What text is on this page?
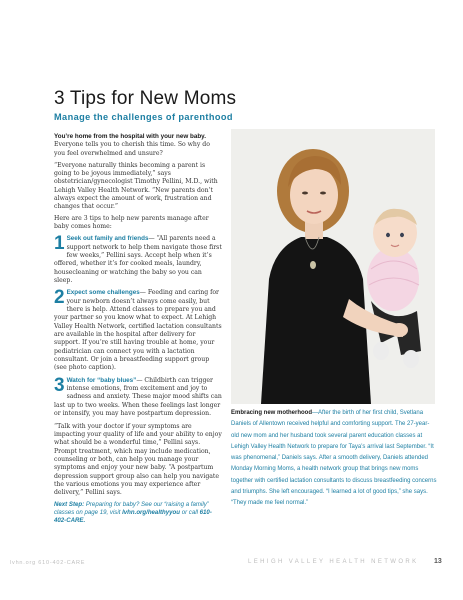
3 Tips for New Moms
Manage the challenges of parenthood

You’re home from the hospital with your new baby. Everyone tells you to cherish this time. So why do you feel overwhelmed and unsure?

“Everyone naturally thinks becoming a parent is going to be joyous immediately,” says obstetrician/gynecologist Timothy Pellini, M.D., with Lehigh Valley Health Network. “New parents don’t always expect the amount of work, frustration and changes that occur.”

Here are 3 tips to help new parents manage after baby comes home:

1 Seek out family and friends— “All parents need a support network to help them navigate those first few weeks,” Pellini says. Accept help when it’s offered, whether it’s for cooked meals, laundry, housecleaning or watching the baby so you can sleep.
2 Expect some challenges— Feeding and caring for your newborn doesn’t always come easily, but there is help. Attend classes to prepare you and your partner so you know what to expect. At Lehigh Valley Health Network, certified lactation consultants are available in the hospital after delivery for support. If you’re still having trouble at home, your pediatrician can connect you with a lactation consultant. Or join a breastfeeding support group (see photo caption).
3 Watch for “baby blues”— Childbirth can trigger intense emotions, from excitement and joy to sadness and anxiety. These major mood shifts can last up to two weeks. When these feelings last longer or intensify, you may have postpartum depression.

“Talk with your doctor if your symptoms are impacting your quality of life and your ability to enjoy what should be a wonderful time,” Pellini says. Prompt treatment, which may include medication, counseling or both, can help you manage your symptoms and enjoy your new baby. “A postpartum depression support group also can help you navigate the various emotions you may experience after delivery,” Pellini says.

Next Step: Preparing for baby? See our “raising a family” classes on page 19, visit lvhn.org/healthyyou or call 610-402-CARE.

Embracing new motherhood—After the birth of her first child, Svetlana Daniels of Allentown received helpful and comforting support. The 27-year-old new mom and her husband took several parent education classes at Lehigh Valley Health Network to prepare for Taya’s arrival last September. “It was phenomenal,” Daniels says. After a smooth delivery, Daniels attended Monday Morning Moms, a health network group that brings new moms together with certified lactation consultants to discuss breastfeeding concerns and triumphs. She left encouraged. “I learned a lot of good tips,” she says. “They made me feel normal.”
lvhn.org 610-402-CARE	LEHIGH VALLEY HEALTH NETWORK 13
